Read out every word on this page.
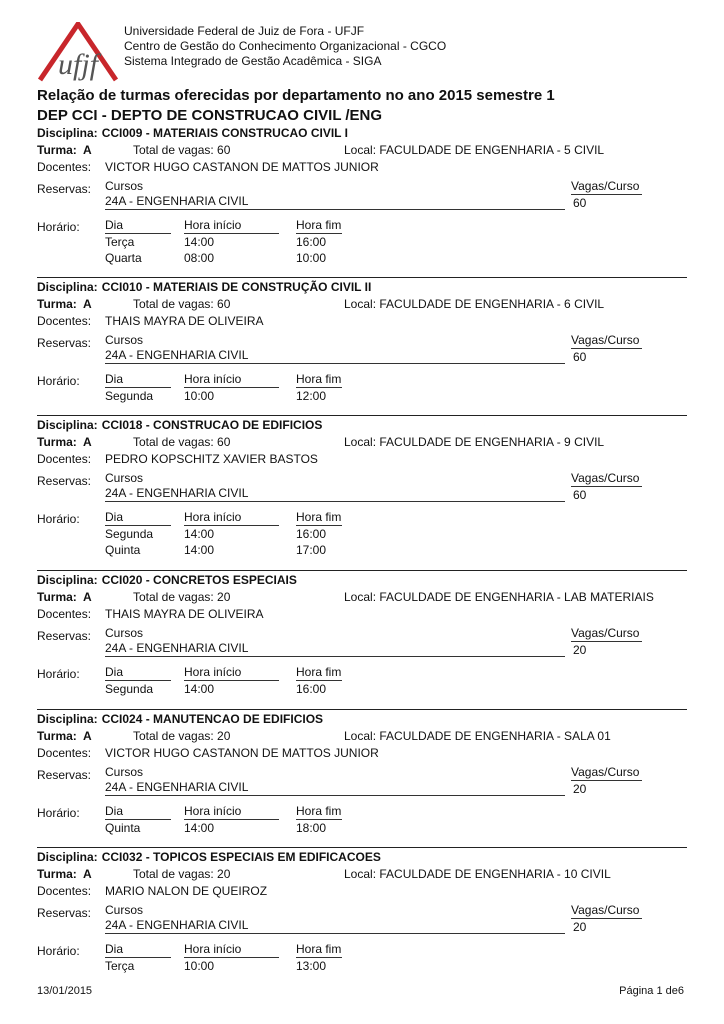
ufjf
Universidade Federal de Juiz de Fora - UFJF
Centro de Gestão do Conhecimento Organizacional - CGCO
Sistema Integrado de Gestão Acadêmica - SIGA
Relação de turmas oferecidas por departamento no ano 2015 semestre 1
DEP CCI - DEPTO DE CONSTRUCAO CIVIL /ENG
Disciplina: CCI009 - MATERIAIS CONSTRUCAO CIVIL I
Turma: A	Total de vagas: 60	Local: FACULDADE DE ENGENHARIA - 5 CIVIL
Docentes: VICTOR HUGO CASTANON DE MATTOS JUNIOR
Reservas: Cursos
24A - ENGENHARIA CIVIL
Vagas/Curso
60
Horário: Dia	Hora início	Hora fim
Terça	14:00	16:00
Quarta	08:00	10:00
Disciplina: CCI010 - MATERIAIS DE CONSTRUÇÃO CIVIL II
Turma: A	Total de vagas: 60	Local: FACULDADE DE ENGENHARIA - 6 CIVIL
Docentes: THAIS MAYRA DE OLIVEIRA
Reservas: Cursos
24A - ENGENHARIA CIVIL
Vagas/Curso
60
Horário: Dia	Hora início	Hora fim
Segunda	10:00	12:00
Disciplina: CCI018 - CONSTRUCAO DE EDIFICIOS
Turma: A	Total de vagas: 60	Local: FACULDADE DE ENGENHARIA - 9 CIVIL
Docentes: PEDRO KOPSCHITZ XAVIER BASTOS
Reservas: Cursos
24A - ENGENHARIA CIVIL
Vagas/Curso
60
Horário: Dia	Hora início	Hora fim
Segunda	14:00	16:00
Quinta	14:00	17:00
Disciplina: CCI020 - CONCRETOS ESPECIAIS
Turma: A	Total de vagas: 20	Local: FACULDADE DE ENGENHARIA - LAB MATERIAIS
Docentes: THAIS MAYRA DE OLIVEIRA
Reservas: Cursos
24A - ENGENHARIA CIVIL
Vagas/Curso
20
Horário: Dia	Hora início	Hora fim
Segunda	14:00	16:00
Disciplina: CCI024 - MANUTENCAO DE EDIFICIOS
Turma: A	Total de vagas: 20	Local: FACULDADE DE ENGENHARIA - SALA 01
Docentes: VICTOR HUGO CASTANON DE MATTOS JUNIOR
Reservas: Cursos
24A - ENGENHARIA CIVIL
Vagas/Curso
20
Horário: Dia	Hora início	Hora fim
Quinta	14:00	18:00
Disciplina: CCI032 - TOPICOS ESPECIAIS EM EDIFICACOES
Turma: A	Total de vagas: 20	Local: FACULDADE DE ENGENHARIA - 10 CIVIL
Docentes: MARIO NALON DE QUEIROZ
Reservas: Cursos
24A - ENGENHARIA CIVIL
Vagas/Curso
20
Horário: Dia	Hora início	Hora fim
Terça	10:00	13:00
13/01/2015	Página 1 de6
